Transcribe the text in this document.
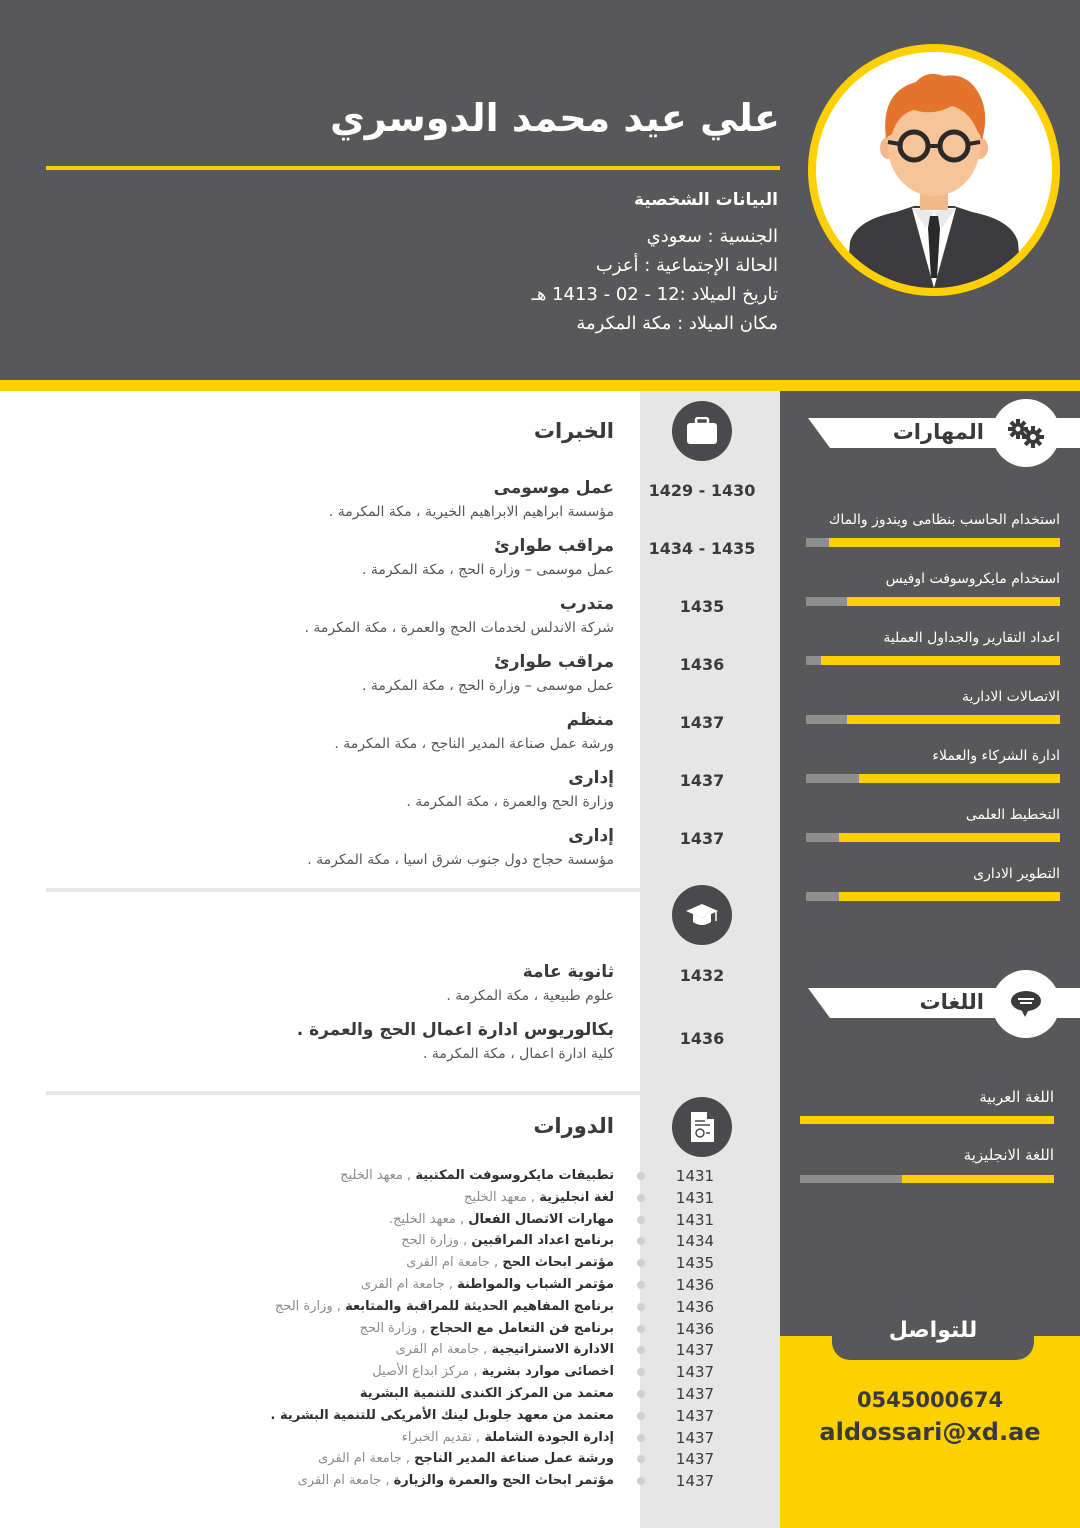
علي عيد محمد الدوسري
البيانات الشخصية
الجنسية : سعودي
الحالة الإجتماعية : أعزب
تاريخ الميلاد :12 - 02 - 1413 هـ
مكان الميلاد : مكة المكرمة
المهارات
استخدام الحاسب بنظامى ويندوز والماك
استخدام مايكروسوفت اوفيس
اعداد التقارير والجداول العملية
الاتصالات الادارية
ادارة الشركاء والعملاء
التخطيط العلمى
التطوير الادارى
اللغات
اللغة العربية
اللغة الانجليزية
للتواصل
0545000674
aldossari@xd.ae
الخبرات
1429 - 1430
عمل موسومى
مؤسسة ابراهيم الابراهيم الخيرية ، مكة المكرمة .
1434 - 1435
مراقب طوارئ
عمل موسمى – وزارة الحج ، مكة المكرمة .
1435
متدرب
شركة الاندلس لخدمات الحج والعمرة ، مكة المكرمة .
1436
مراقب طوارئ
عمل موسمى – وزارة الحج ، مكة المكرمة .
1437
منظم
ورشة عمل صناعة المدير الناجح ، مكة المكرمة .
1437
إدارى
وزارة الحج والعمرة ، مكة المكرمة .
1437
إدارى
مؤسسة حجاج دول جنوب شرق اسيا ، مكة المكرمة .
1432
ثانوية عامة
علوم طبيعية ، مكة المكرمة .
1436
بكالوريوس ادارة اعمال الحج والعمرة .
كلية ادارة اعمال ، مكة المكرمة .
الدورات
1431
تطبيقات مايكروسوفت المكتبية , معهد الخليج
1431
لغة انجليزية , معهد الخليج
1431
مهارات الاتصال الفعال , معهد الخليج.
1434
برنامج اعداد المراقبين , وزارة الحج
1435
مؤتمر ابحاث الحج , جامعة ام القرى
1436
مؤتمر الشباب والمواطنة , جامعة ام القرى
1436
برنامج المفاهيم الحديثة للمراقبة والمتابعة , وزارة الحج
1436
برنامج فن التعامل مع الحجاج , وزارة الحج
1437
الادارة الاستراتيجية , جامعة ام القرى
1437
اخصائى موارد بشرية , مركز ابداع الأصيل
1437
معتمد من المركز الكندى للتنمية البشرية
1437
معتمد من معهد جلوبل لينك الأمريكى للتنمية البشرية .
1437
إدارة الجودة الشاملة , تقديم الخبراء
1437
ورشة عمل صناعة المدير الناجح , جامعة ام القرى
1437
مؤتمر ابحاث الحج والعمرة والزيارة , جامعة ام القرى
